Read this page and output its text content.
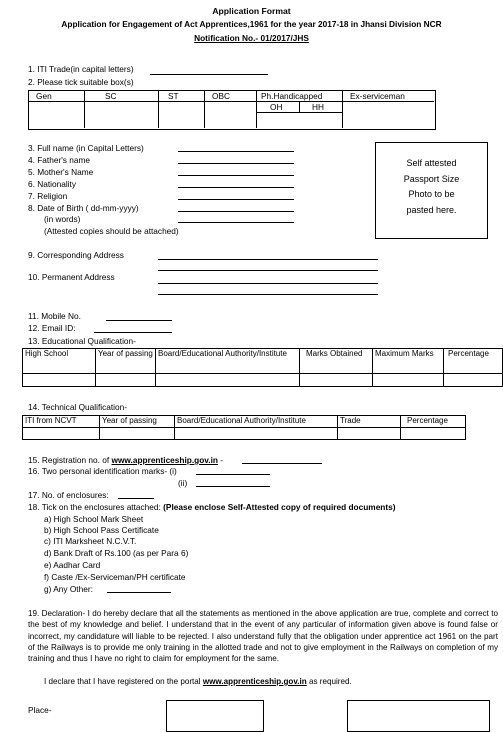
Application Format
Application for Engagement of Act Apprentices,1961 for the year 2017-18 in Jhansi Division NCR
Notification No.- 01/2017/JHS
1. ITI Trade(in capital letters)
2. Please tick suitable box(s)
Gen	SC	ST	OBC	Ph.Handicapped	Ex-serviceman
OH	HH
3. Full name (in Capital Letters)
4. Father's name
5. Mother's Name
6. Nationality
7. Religion
8. Date of Birth ( dd-mm-yyyy)
(in words)
(Attested copies should be attached)
Self attested
Passport Size
Photo to be
pasted here.
9. Corresponding Address
10. Permanent Address
11. Mobile No.
12. Email ID:
13. Educational Qualification-
High School	Year of passing	Board/Educational Authority/Institute	Marks Obtained	Maximum Marks	Percentage

14. Technical Qualification-
ITI from NCVT	Year of passing	Board/Educational Authority/Institute	Trade	Percentage

15. Registration no. of www.apprenticeship.gov.in -
16. Two personal identification marks- (i)
(ii)
17. No. of enclosures:
18. Tick on the enclosures attached: (Please enclose Self-Attested copy of required documents)
a) High School Mark Sheet
b) High School Pass Certificate
c) ITI Marksheet N.C.V.T.
d) Bank Draft of Rs.100 (as per Para 6)
e) Aadhar Card
f) Caste /Ex-Serviceman/PH certificate
g) Any Other:
19. Declaration- I do hereby declare that all the statements as mentioned in the above application are true, complete and correct to the best of my knowledge and belief. I understand that in the event of any particular of information given above is found false or incorrect, my candidature will liable to be rejected. I also understand fully that the obligation under apprentice act 1961 on the part of the Railways is to provide me only training in the allotted trade and not to give employment in the Railways on completion of my training and thus I have no right to claim for employment for the same.
I declare that I have registered on the portal www.apprenticeship.gov.in as required.
Place-
